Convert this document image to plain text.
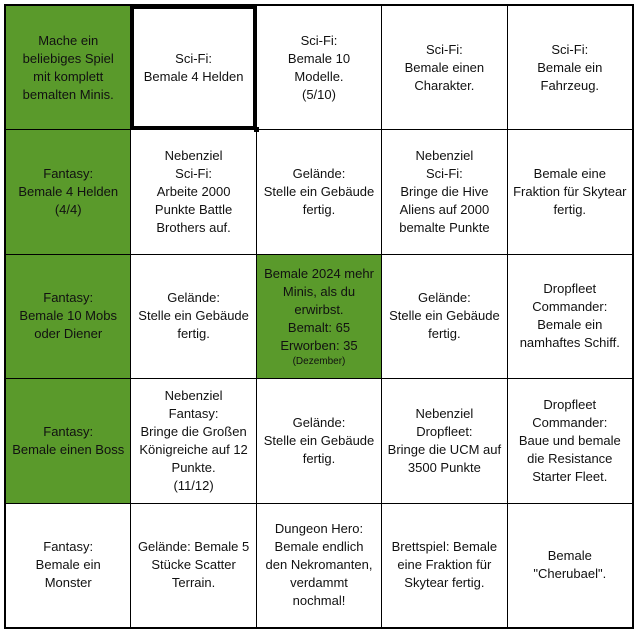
Mache ein
beliebiges Spiel
mit komplett
bemalten Minis.
Sci-Fi:
Bemale 4 Helden
Sci-Fi:
Bemale 10
Modelle.
(5/10)
Sci-Fi:
Bemale einen
Charakter.
Sci-Fi:
Bemale ein
Fahrzeug.
Fantasy:
Bemale 4 Helden
(4/4)
Nebenziel
Sci-Fi:
Arbeite 2000
Punkte Battle
Brothers auf.
Gelände:
Stelle ein Gebäude
fertig.
Nebenziel
Sci-Fi:
Bringe die Hive
Aliens auf 2000
bemalte Punkte
Bemale eine
Fraktion für Skytear
fertig.
Fantasy:
Bemale 10 Mobs
oder Diener
Gelände:
Stelle ein Gebäude
fertig.
Bemale 2024 mehr
Minis, als du
erwirbst.
Bemalt: 65
Erworben: 35
(Dezember)
Gelände:
Stelle ein Gebäude
fertig.
Dropfleet
Commander:
Bemale ein
namhaftes Schiff.
Fantasy:
Bemale einen Boss
Nebenziel
Fantasy:
Bringe die Großen
Königreiche auf 12
Punkte.
(11/12)
Gelände:
Stelle ein Gebäude
fertig.
Nebenziel
Dropfleet:
Bringe die UCM auf
3500 Punkte
Dropfleet
Commander:
Baue und bemale
die Resistance
Starter Fleet.
Fantasy:
Bemale ein
Monster
Gelände: Bemale 5
Stücke Scatter
Terrain.
Dungeon Hero:
Bemale endlich
den Nekromanten,
verdammt
nochmal!
Brettspiel: Bemale
eine Fraktion für
Skytear fertig.
Bemale
"Cherubael".
